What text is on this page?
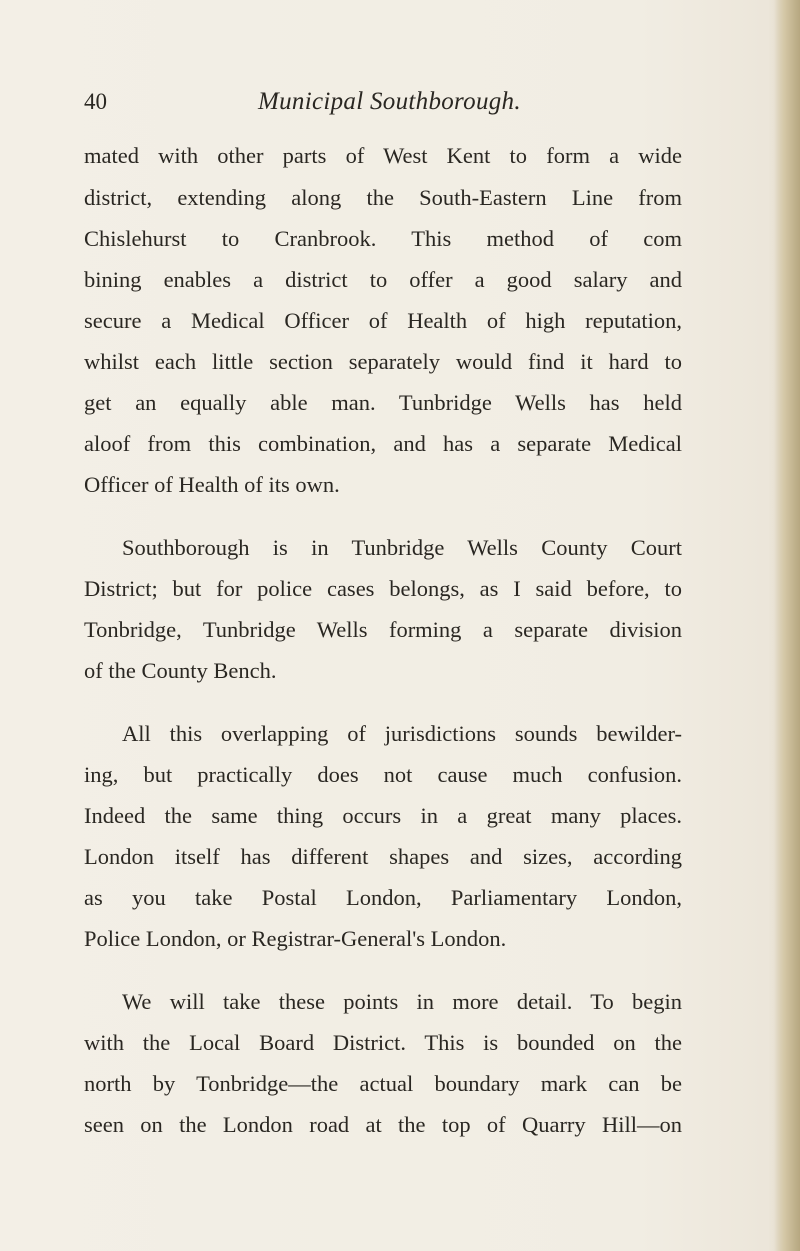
40	Municipal Southborough.
mated with other parts of West Kent to form a wide
district, extending along the South-Eastern Line from
Chislehurst to Cranbrook. This method of com
bining enables a district to offer a good salary and
secure a Medical Officer of Health of high reputation,
whilst each little section separately would find it hard to
get an equally able man. Tunbridge Wells has held
aloof from this combination, and has a separate Medical
Officer of Health of its own.
Southborough is in Tunbridge Wells County Court
District; but for police cases belongs, as I said before, to
Tonbridge, Tunbridge Wells forming a separate division
of the County Bench.
All this overlapping of jurisdictions sounds bewilder-
ing, but practically does not cause much confusion.
Indeed the same thing occurs in a great many places.
London itself has different shapes and sizes, according
as you take Postal London, Parliamentary London,
Police London, or Registrar-General's London.
We will take these points in more detail. To begin
with the Local Board District. This is bounded on the
north by Tonbridge—the actual boundary mark can be
seen on the London road at the top of Quarry Hill—on
